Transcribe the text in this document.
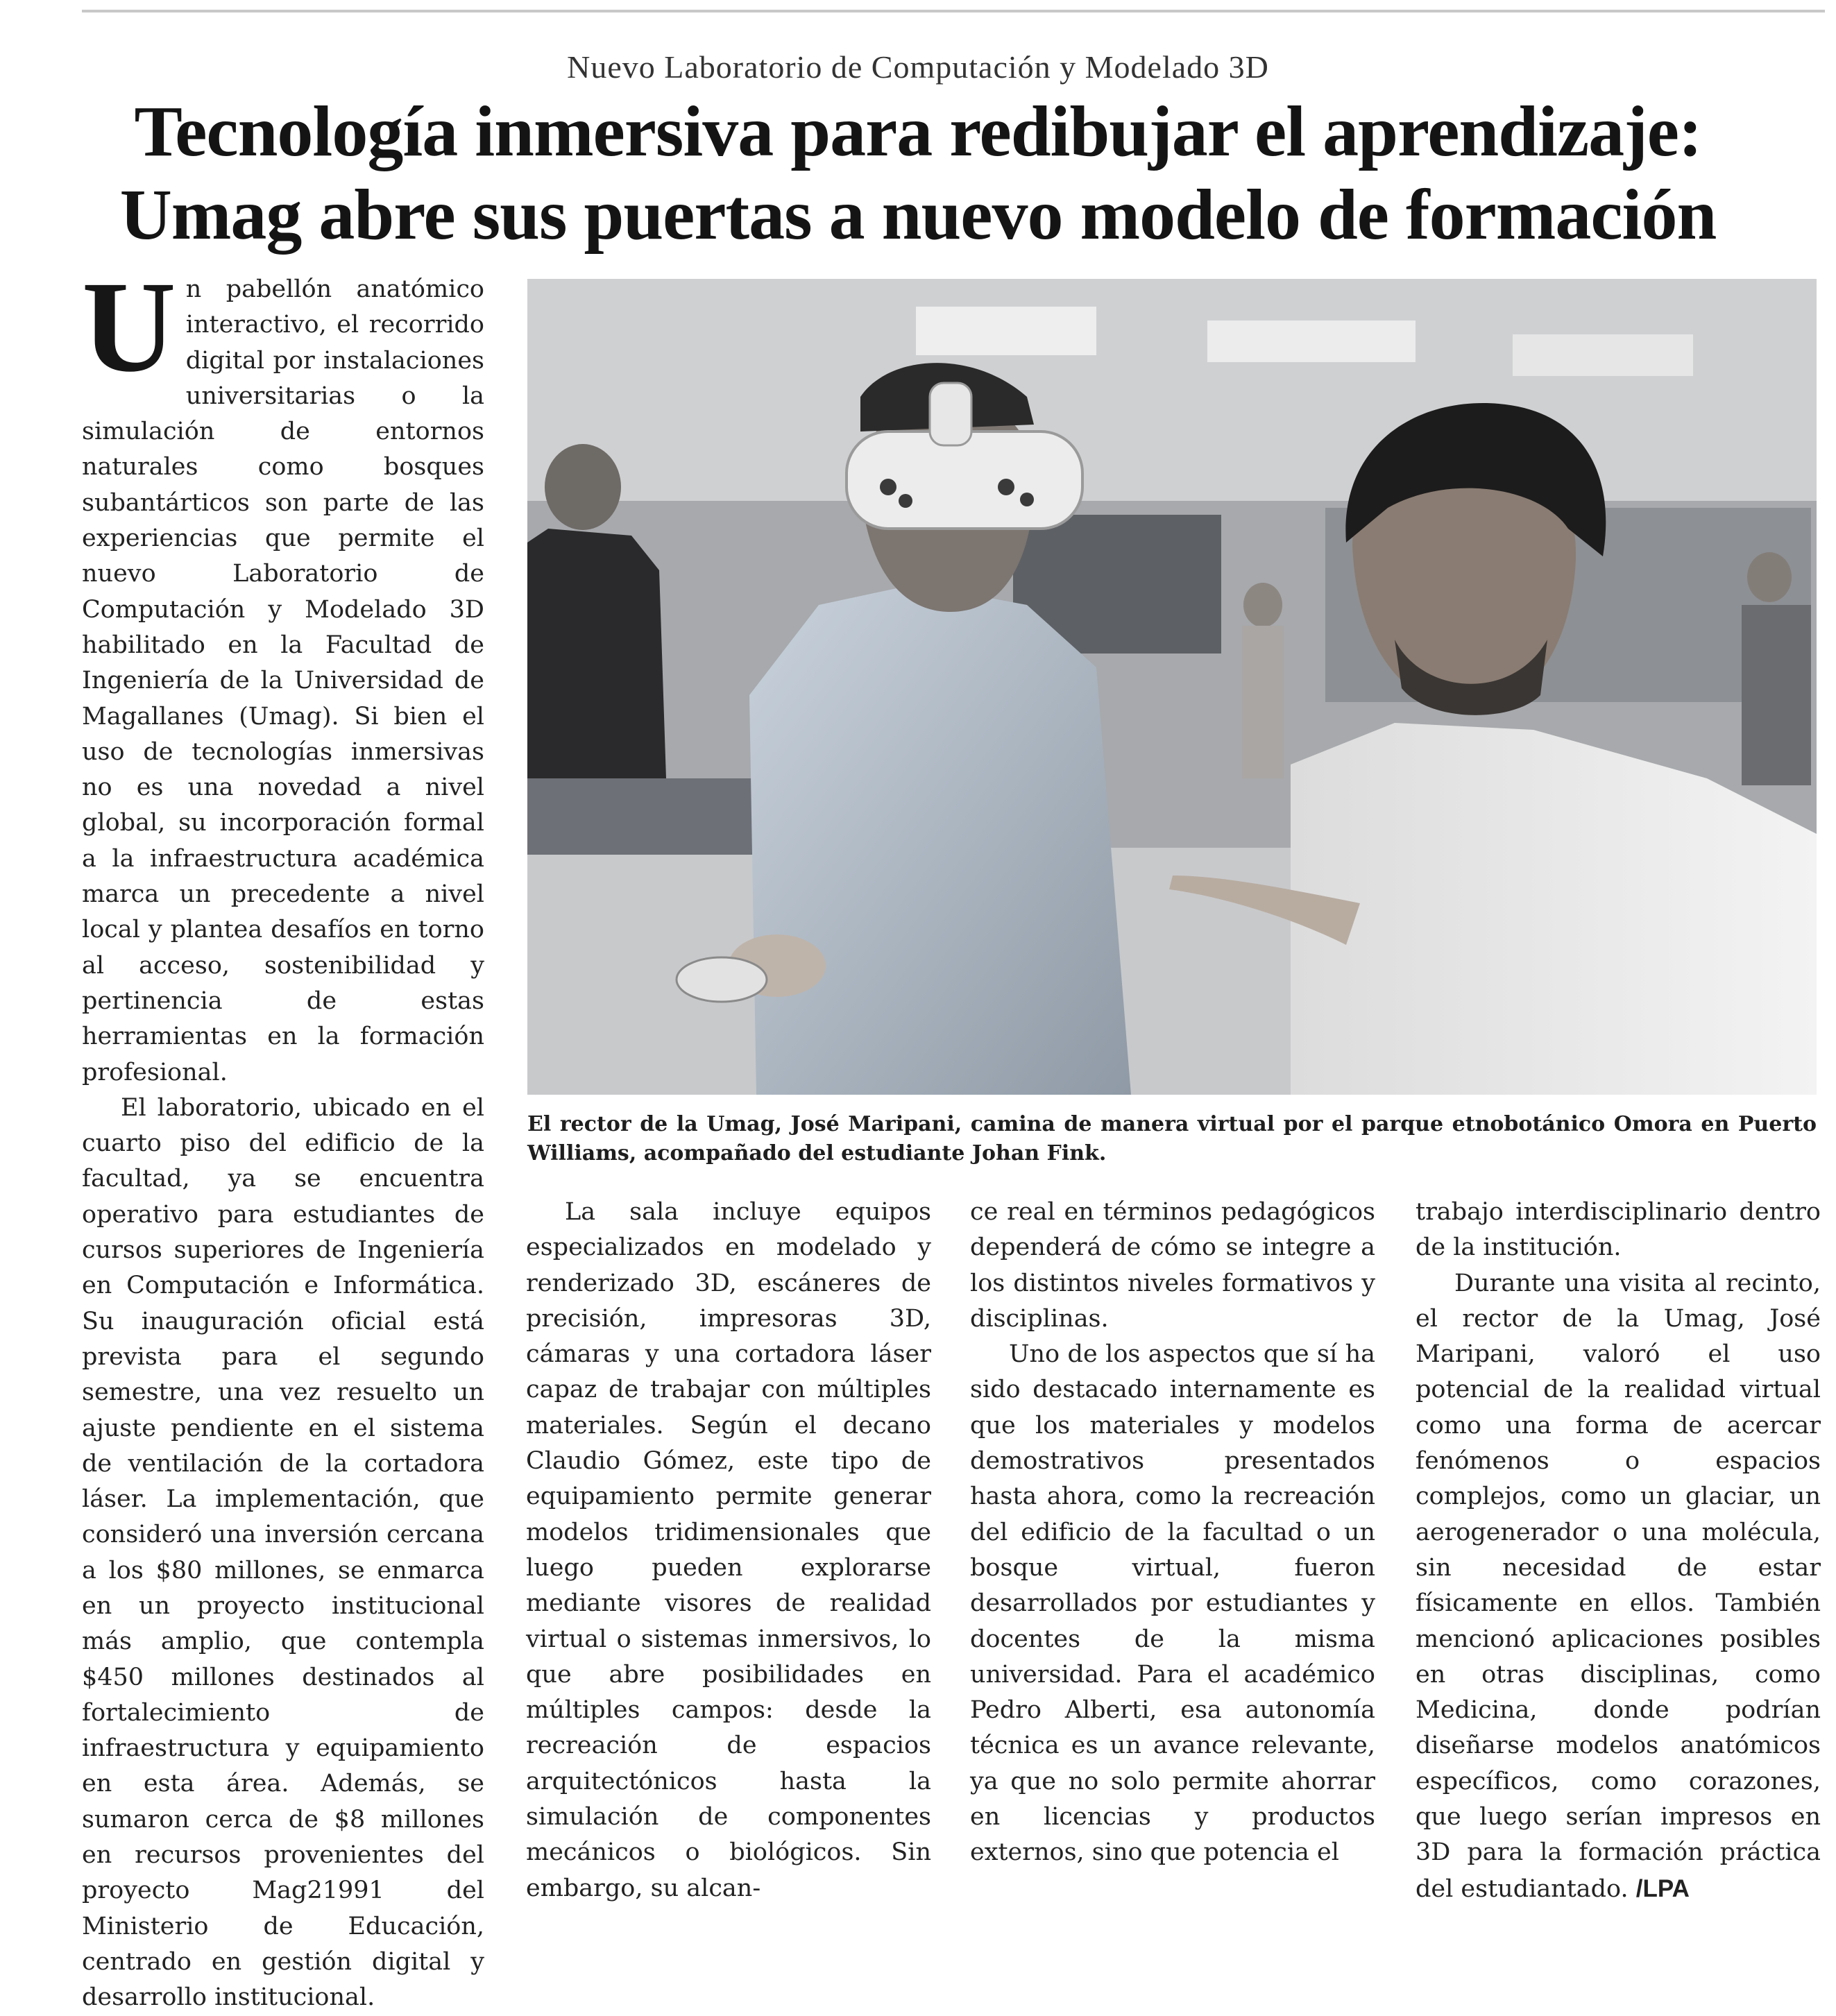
Nuevo Laboratorio de Computación y Modelado 3D
Tecnología inmersiva para redibujar el aprendizaje:
Umag abre sus puertas a nuevo modelo de formación

Un pabellón anatómico interactivo, el recorrido digital por instalaciones universitarias o la simulación de entornos naturales como bosques subantárticos son parte de las experiencias que permite el nuevo Laboratorio de Computación y Modelado 3D habilitado en la Facultad de Ingeniería de la Universidad de Magallanes (Umag). Si bien el uso de tecnologías inmersivas no es una novedad a nivel global, su incorporación formal a la infraestructura académica marca un precedente a nivel local y plantea desafíos en torno al acceso, sostenibilidad y pertinencia de estas herramientas en la formación profesional.

El laboratorio, ubicado en el cuarto piso del edificio de la facultad, ya se encuentra operativo para estudiantes de cursos superiores de Ingeniería en Computación e Informática. Su inauguración oficial está prevista para el segundo semestre, una vez resuelto un ajuste pendiente en el sistema de ventilación de la cortadora láser. La implementación, que consideró una inversión cercana a los $80 millones, se enmarca en un proyecto institucional más amplio, que contempla $450 millones destinados al fortalecimiento de infraestructura y equipamiento en esta área. Además, se sumaron cerca de $8 millones en recursos provenientes del proyecto Mag21991 del Ministerio de Educación, centrado en gestión digital y desarrollo institucional.

El rector de la Umag, José Maripani, camina de manera virtual por el parque etnobotánico Omora en Puerto Williams, acompañado del estudiante Johan Fink.

La sala incluye equipos especializados en modelado y renderizado 3D, escáneres de precisión, impresoras 3D, cámaras y una cortadora láser capaz de trabajar con múltiples materiales. Según el decano Claudio Gómez, este tipo de equipamiento permite generar modelos tridimensionales que luego pueden explorarse mediante visores de realidad virtual o sistemas inmersivos, lo que abre posibilidades en múltiples campos: desde la recreación de espacios arquitectónicos hasta la simulación de componentes mecánicos o biológicos. Sin embargo, su alcan-

ce real en términos pedagógicos dependerá de cómo se integre a los distintos niveles formativos y disciplinas.

Uno de los aspectos que sí ha sido destacado internamente es que los materiales y modelos demostrativos presentados hasta ahora, como la recreación del edificio de la facultad o un bosque virtual, fueron desarrollados por estudiantes y docentes de la misma universidad. Para el académico Pedro Alberti, esa autonomía técnica es un avance relevante, ya que no solo permite ahorrar en licencias y productos externos, sino que potencia el

trabajo interdisciplinario dentro de la institución.

Durante una visita al recinto, el rector de la Umag, José Maripani, valoró el uso potencial de la realidad virtual como una forma de acercar fenómenos o espacios complejos, como un glaciar, un aerogenerador o una molécula, sin necesidad de estar físicamente en ellos. También mencionó aplicaciones posibles en otras disciplinas, como Medicina, donde podrían diseñarse modelos anatómicos específicos, como corazones, que luego serían impresos en 3D para la formación práctica del estudiantado. /LPA
